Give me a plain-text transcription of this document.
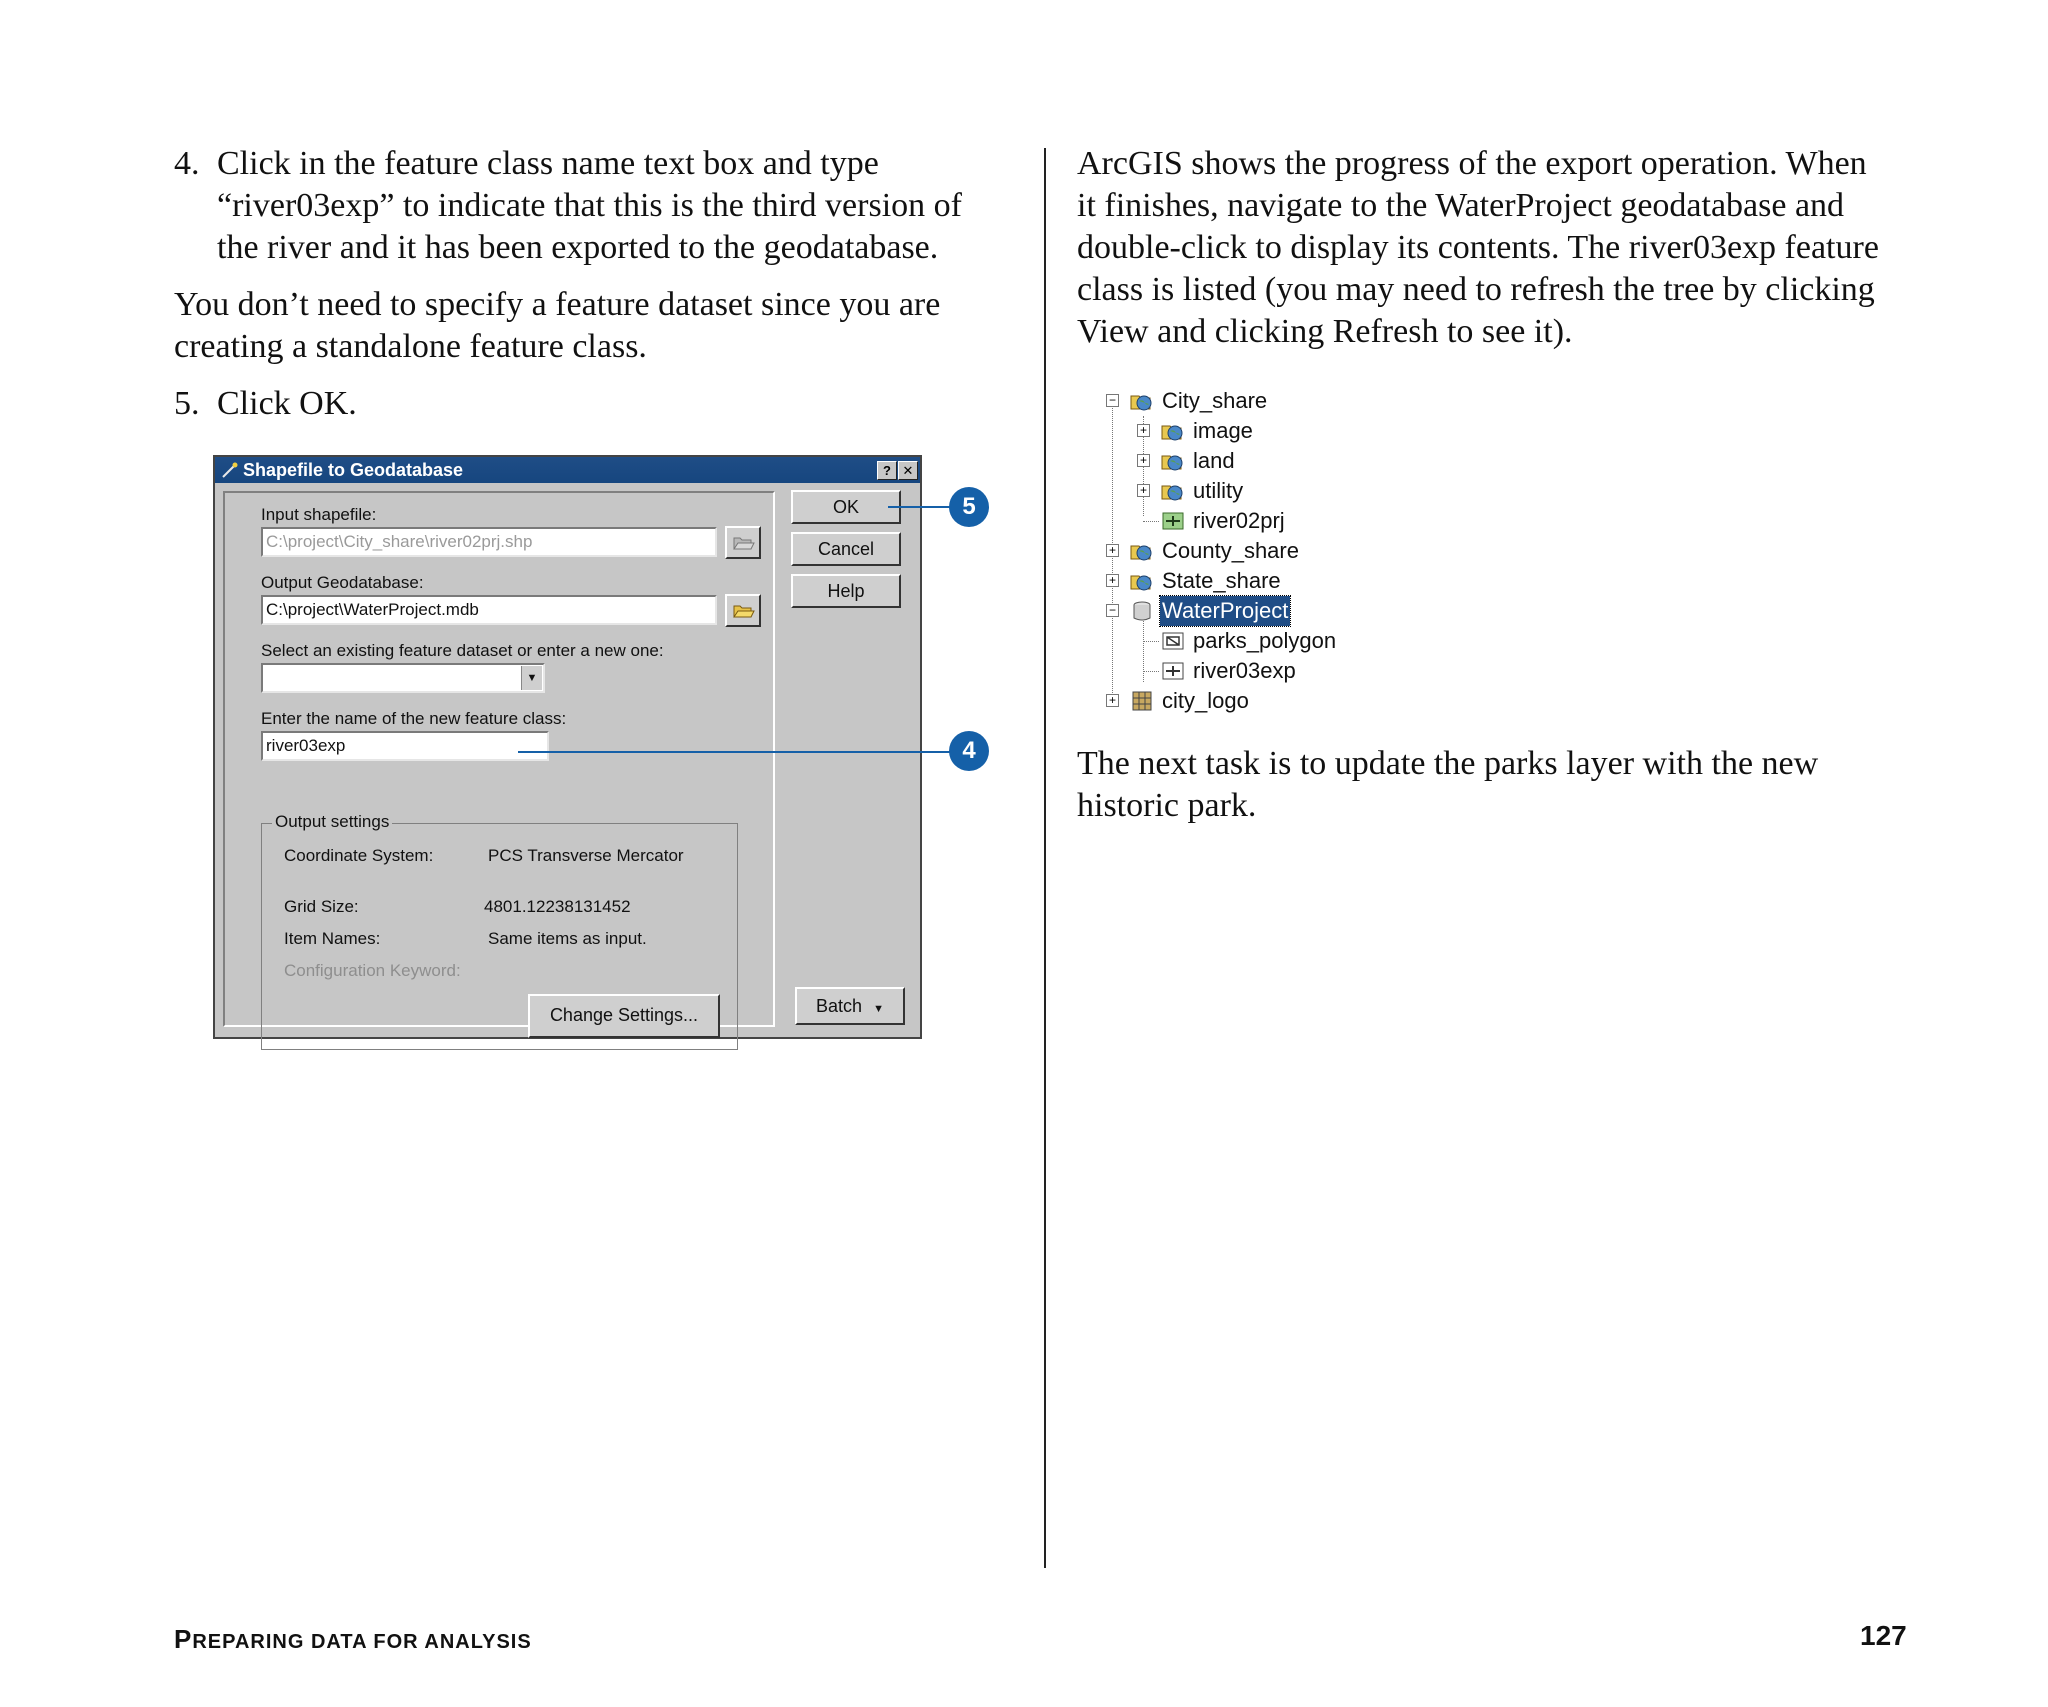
4. Click in the feature class name text box and type
“river03exp” to indicate that this is the third version of
the river and it has been exported to the geodatabase.
You don’t need to specify a feature dataset since you are
creating a standalone feature class.
5. Click OK.
Shapefile to Geodatabase	? ✕
Input shapefile:
C:\project\City_share\river02prj.shp
Output Geodatabase:
C:\project\WaterProject.mdb
Select an existing feature dataset or enter a new one:
▼
Enter the name of the new feature class:
river03exp
Output settings
Coordinate System:	PCS Transverse Mercator
Grid Size:	4801.12238131452
Item Names:	Same items as input.
Configuration Keyword:
Change Settings...
OK
Cancel
Help
Batch ▼
5
4
ArcGIS shows the progress of the export operation. When
it finishes, navigate to the WaterProject geodatabase and
double-click to display its contents. The river03exp feature
class is listed (you may need to refresh the tree by clicking
View and clicking Refresh to see it).
− City_share
+ image
+ land
+ utility
river02prj
+ County_share
+ State_share
− WaterProject
parks_polygon
river03exp
+ city_logo
The next task is to update the parks layer with the new
historic park.
PREPARING DATA FOR ANALYSIS	127
